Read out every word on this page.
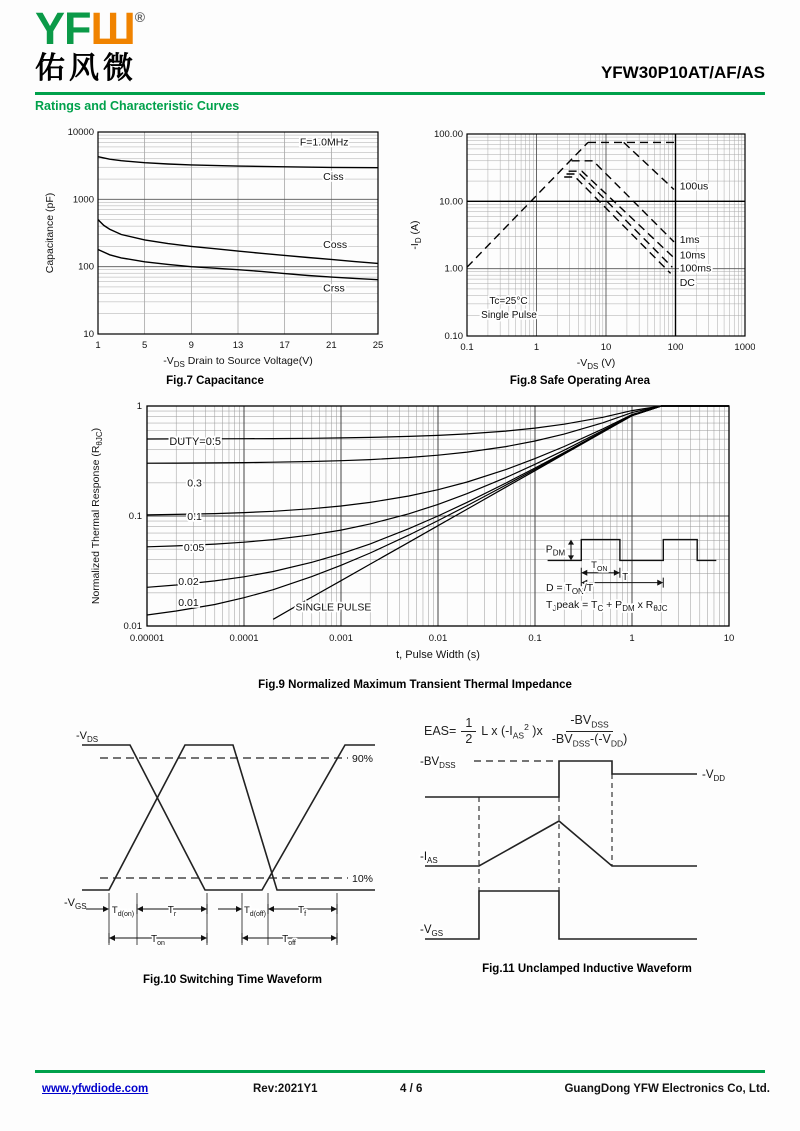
YFШ®
佑风微	YFW30P10AT/AF/AS
Ratings and Characteristic Curves
1	5	9	13	17	21	25
10
100
1000
10000
F=1.0MHz
Ciss
Coss
Crss
$-V_{DS}$ Drain to Source Voltage(V)
Capacitance (pF)
Fig.7 Capacitance
0.1	1	10	100	1000
0.10
1.00
10.00
100.00
100us
1ms
10ms
100ms
DC
Tc=25°C
Single Pulse
$-V_{DS}$ (V)
$-I_D$ (A)
Fig.8 Safe Operating Area
DUTY=0.5
0.3
0.1
0.05
0.02
0.01	SINGLE PULSE
$P_{DM}$
$T_{ON}$
T
$D = T_{ON}/T$
$T_Jpeak = T_C + P_{DM}$ x $R_{\theta JC}$
0.00001	0.0001	0.001	0.01	0.1	1	10
0.01
0.1
1
t, Pulse Width (s)
Normalized Thermal Response $(R_{\theta JC})$
Fig.9 Normalized Maximum Transient Thermal Impedance
$-V_{DS}$
$-V_{GS}$
90%
10%
$T_{d(on)}$	$T_r$	$T_{d(off)}$	$T_f$
$T_{on}$	$T_{off}$
Fig.10 Switching Time Waveform
$EAS= \frac{1}{2}$ L x ($-I_{AS}^2$ )$x \frac{-BV_{DSS}}{-BV_{DSS}-(-V_{DD})}$
$-BV_{DSS}$
$-V_{DD}$
$-I_{AS}$
$-V_{GS}$
Fig.11 Unclamped Inductive Waveform
www.yfwdiode.com	Rev:2021Y1	4 / 6	GuangDong YFW Electronics Co, Ltd.
